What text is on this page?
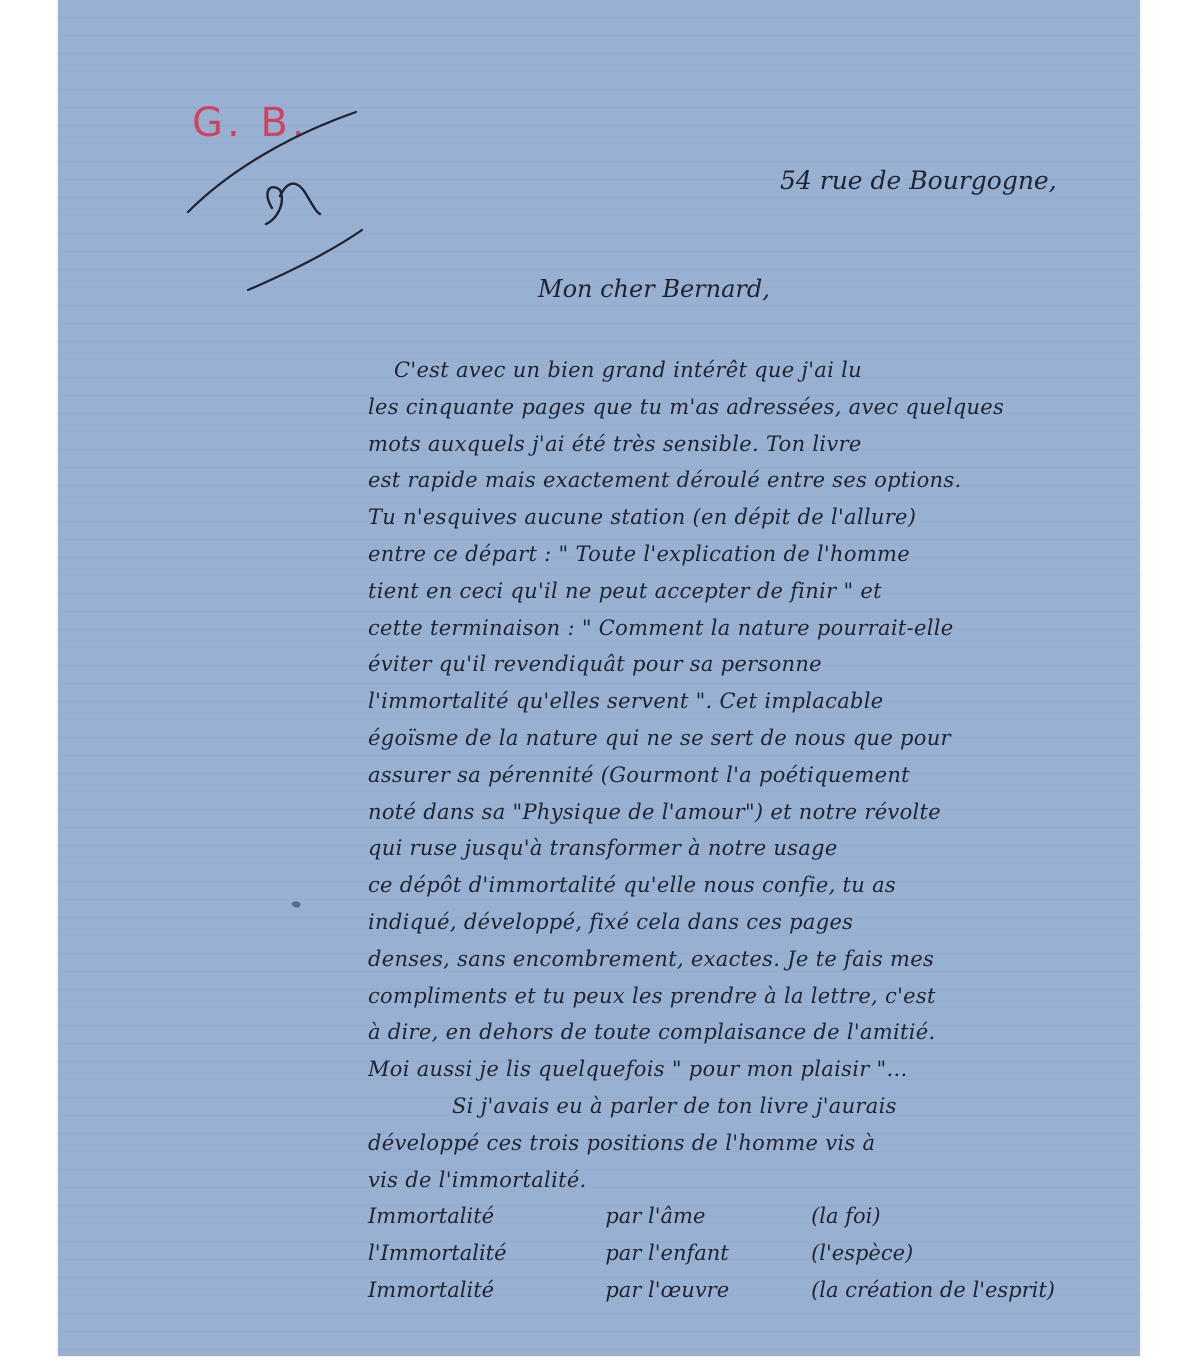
G. B.
54 rue de Bourgogne,
Mon cher Bernard,
C'est avec un bien grand intérêt que j'ai lu
les cinquante pages que tu m'as adressées, avec quelques
mots auxquels j'ai été très sensible. Ton livre
est rapide mais exactement déroulé entre ses options.
Tu n'esquives aucune station (en dépit de l'allure)
entre ce départ : " Toute l'explication de l'homme
tient en ceci qu'il ne peut accepter de finir " et
cette terminaison : " Comment la nature pourrait-elle
éviter qu'il revendiquât pour sa personne
l'immortalité qu'elles servent ". Cet implacable
égoïsme de la nature qui ne se sert de nous que pour
assurer sa pérennité (Gourmont l'a poétiquement
noté dans sa "Physique de l'amour") et notre révolte
qui ruse jusqu'à transformer à notre usage
ce dépôt d'immortalité qu'elle nous confie, tu as
indiqué, développé, fixé cela dans ces pages
denses, sans encombrement, exactes. Je te fais mes
compliments et tu peux les prendre à la lettre, c'est
à dire, en dehors de toute complaisance de l'amitié.
Moi aussi je lis quelquefois " pour mon plaisir "...
Si j'avais eu à parler de ton livre j'aurais
développé ces trois positions de l'homme vis à
vis de l'immortalité.
Immortalité	par l'âme	(la foi)
l'Immortalité	par l'enfant	(l'espèce)
Immortalité	par l'œuvre	(la création de l'esprit)
